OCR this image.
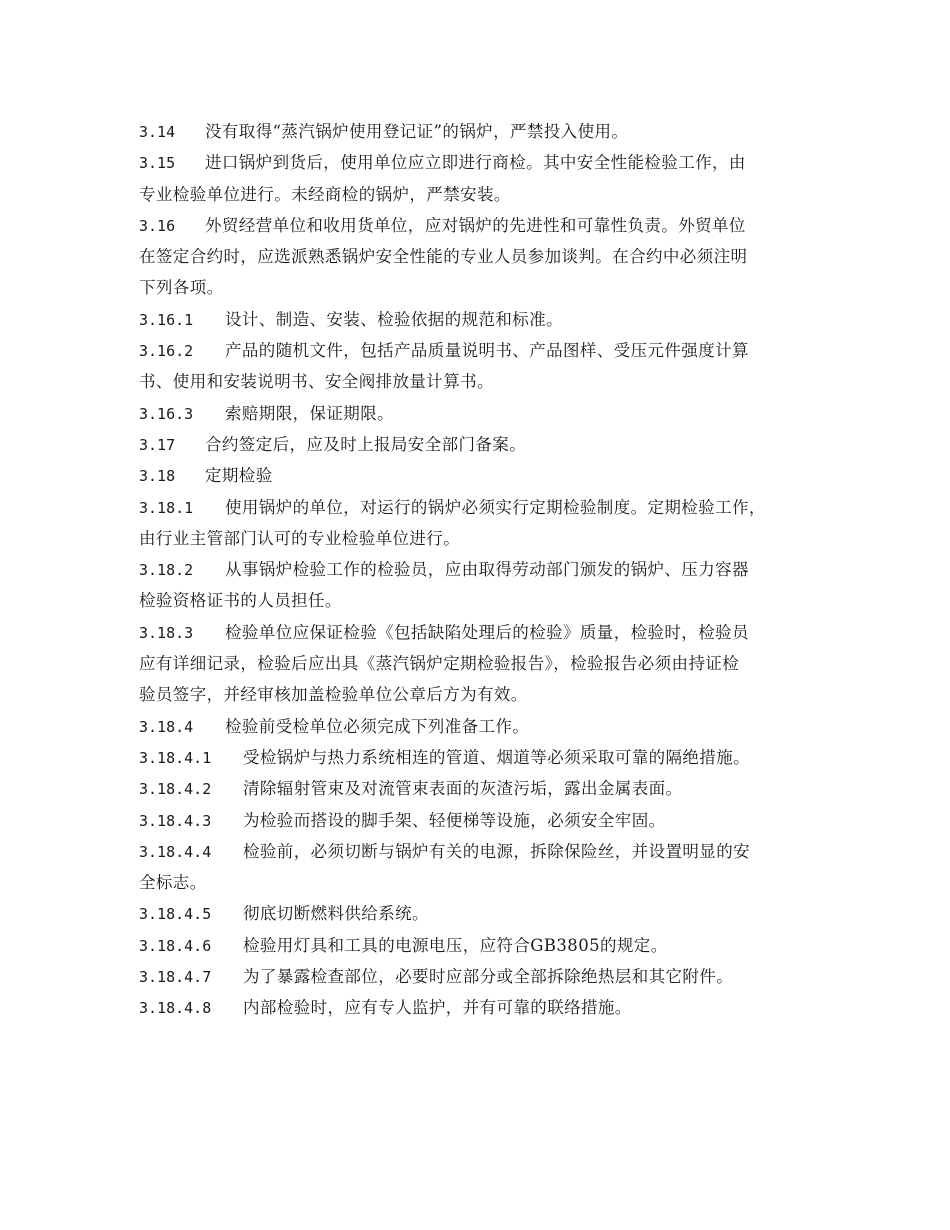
3.14 没有取得“蒸汽锅炉使用登记证”的锅炉，严禁投入使用。
3.15 进口锅炉到货后，使用单位应立即进行商检。其中安全性能检验工作，由
专业检验单位进行。未经商检的锅炉，严禁安装。
3.16 外贸经营单位和收用货单位，应对锅炉的先进性和可靠性负责。外贸单位
在签定合约时，应选派熟悉锅炉安全性能的专业人员参加谈判。在合约中必须注明
下列各项。
3.16.1 设计、制造、安装、检验依据的规范和标准。
3.16.2 产品的随机文件，包括产品质量说明书、产品图样、受压元件强度计算
书、使用和安装说明书、安全阀排放量计算书。
3.16.3 索赔期限，保证期限。
3.17 合约签定后，应及时上报局安全部门备案。
3.18 定期检验
3.18.1 使用锅炉的单位，对运行的锅炉必须实行定期检验制度。定期检验工作，
由行业主管部门认可的专业检验单位进行。
3.18.2 从事锅炉检验工作的检验员，应由取得劳动部门颁发的锅炉、压力容器
检验资格证书的人员担任。
3.18.3 检验单位应保证检验《包括缺陷处理后的检验》质量，检验时，检验员
应有详细记录，检验后应出具《蒸汽锅炉定期检验报告》，检验报告必须由持证检
验员签字，并经审核加盖检验单位公章后方为有效。
3.18.4 检验前受检单位必须完成下列准备工作。
3.18.4.1 受检锅炉与热力系统相连的管道、烟道等必须采取可靠的隔绝措施。
3.18.4.2 清除辐射管束及对流管束表面的灰渣污垢，露出金属表面。
3.18.4.3 为检验而搭设的脚手架、轻便梯等设施，必须安全牢固。
3.18.4.4 检验前，必须切断与锅炉有关的电源，拆除保险丝，并设置明显的安
全标志。
3.18.4.5 彻底切断燃料供给系统。
3.18.4.6 检验用灯具和工具的电源电压，应符合GB3805的规定。
3.18.4.7 为了暴露检查部位，必要时应部分或全部拆除绝热层和其它附件。
3.18.4.8 内部检验时，应有专人监护，并有可靠的联络措施。
